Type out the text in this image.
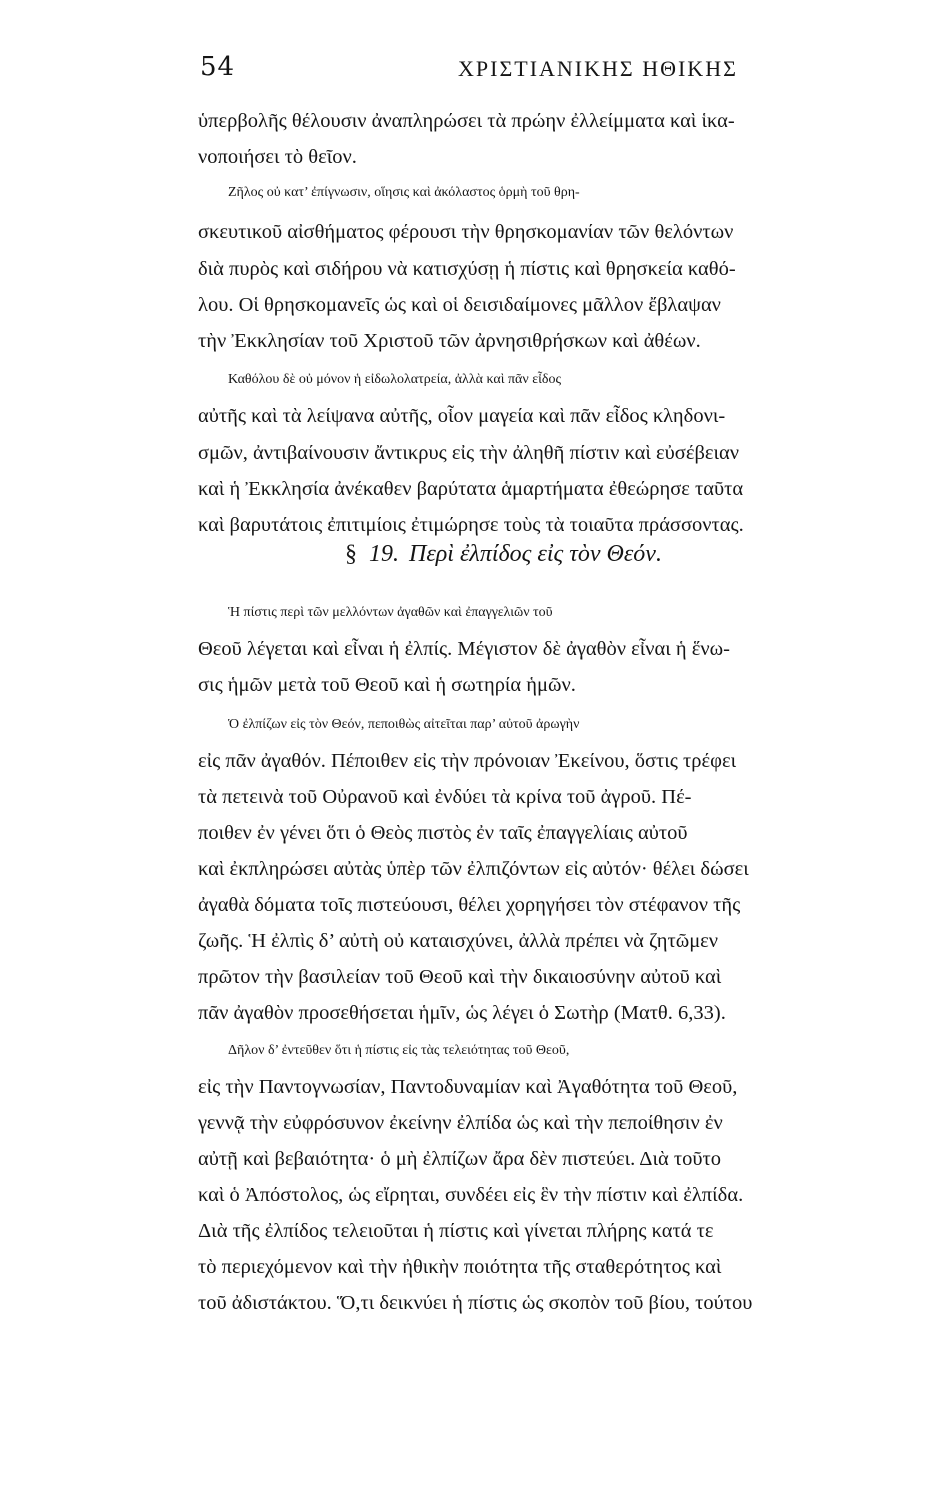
54	ΧΡΙΣΤΙΑΝΙΚΗΣ ΗΘΙΚΗΣ
ὑπερβολῆς θέλουσιν ἀναπληρώσει τὰ πρώην ἐλλείμματα καὶ ἱκα-
νοποιήσει τὸ θεῖον.
Ζῆλος οὐ κατ’ ἐπίγνωσιν, οἵησις καὶ ἀκόλαστος ὁρμὴ τοῦ θρη-
σκευτικοῦ αἰσθήματος φέρουσι τὴν θρησκομανίαν τῶν θελόντων
διὰ πυρὸς καὶ σιδήρου νὰ κατισχύσῃ ἡ πίστις καὶ θρησκεία καθό-
λου. Οἱ θρησκομανεῖς ὡς καὶ οἱ δεισιδαίμονες μᾶλλον ἔβλαψαν
τὴν Ἐκκλησίαν τοῦ Χριστοῦ τῶν ἀρνησιθρήσκων καὶ ἀθέων.
Καθόλου δὲ οὐ μόνον ἡ εἰδωλολατρεία, ἀλλὰ καὶ πᾶν εἶδος
αὐτῆς καὶ τὰ λείψανα αὐτῆς, οἷον μαγεία καὶ πᾶν εἶδος κληδονι-
σμῶν, ἀντιβαίνουσιν ἄντικρυς εἰς τὴν ἀληθῆ πίστιν καὶ εὐσέβειαν
καὶ ἡ Ἐκκλησία ἀνέκαθεν βαρύτατα ἁμαρτήματα ἐθεώρησε ταῦτα
καὶ βαρυτάτοις ἐπιτιμίοις ἐτιμώρησε τοὺς τὰ τοιαῦτα πράσσοντας.
§ 19. Περὶ ἐλπίδος εἰς τὸν Θεόν.
Ἡ πίστις περὶ τῶν μελλόντων ἀγαθῶν καὶ ἐπαγγελιῶν τοῦ
Θεοῦ λέγεται καὶ εἶναι ἡ ἐλπίς. Μέγιστον δὲ ἀγαθὸν εἶναι ἡ ἕνω-
σις ἡμῶν μετὰ τοῦ Θεοῦ καὶ ἡ σωτηρία ἡμῶν.
Ὁ ἐλπίζων εἰς τὸν Θεόν, πεποιθὼς αἰτεῖται παρ’ αὐτοῦ ἀρωγὴν
εἰς πᾶν ἀγαθόν. Πέποιθεν εἰς τὴν πρόνοιαν Ἐκείνου, ὅστις τρέφει
τὰ πετεινὰ τοῦ Οὐρανοῦ καὶ ἐνδύει τὰ κρίνα τοῦ ἀγροῦ. Πέ-
ποιθεν ἐν γένει ὅτι ὁ Θεὸς πιστὸς ἐν ταῖς ἐπαγγελίαις αὐτοῦ
καὶ ἐκπληρώσει αὐτὰς ὑπὲρ τῶν ἐλπιζόντων εἰς αὐτόν· θέλει δώσει
ἀγαθὰ δόματα τοῖς πιστεύουσι, θέλει χορηγήσει τὸν στέφανον τῆς
ζωῆς. Ἡ ἐλπὶς δ’ αὐτὴ οὐ καταισχύνει, ἀλλὰ πρέπει νὰ ζητῶμεν
πρῶτον τὴν βασιλείαν τοῦ Θεοῦ καὶ τὴν δικαιοσύνην αὐτοῦ καὶ
πᾶν ἀγαθὸν προσεθήσεται ἡμῖν, ὡς λέγει ὁ Σωτὴρ (Ματθ. 6,33).
Δῆλον δ’ ἐντεῦθεν ὅτι ἡ πίστις εἰς τὰς τελειότητας τοῦ Θεοῦ,
εἰς τὴν Παντογνωσίαν, Παντοδυναμίαν καὶ Ἀγαθότητα τοῦ Θεοῦ,
γεννᾷ τὴν εὐφρόσυνον ἐκείνην ἐλπίδα ὡς καὶ τὴν πεποίθησιν ἐν
αὐτῇ καὶ βεβαιότητα· ὁ μὴ ἐλπίζων ἄρα δὲν πιστεύει. Διὰ τοῦτο
καὶ ὁ Ἀπόστολος, ὡς εἴρηται, συνδέει εἰς ἓν τὴν πίστιν καὶ ἐλπίδα.
Διὰ τῆς ἐλπίδος τελειοῦται ἡ πίστις καὶ γίνεται πλήρης κατά τε
τὸ περιεχόμενον καὶ τὴν ἠθικὴν ποιότητα τῆς σταθερότητος καὶ
τοῦ ἀδιστάκτου. Ὅ,τι δεικνύει ἡ πίστις ὡς σκοπὸν τοῦ βίου, τούτου
